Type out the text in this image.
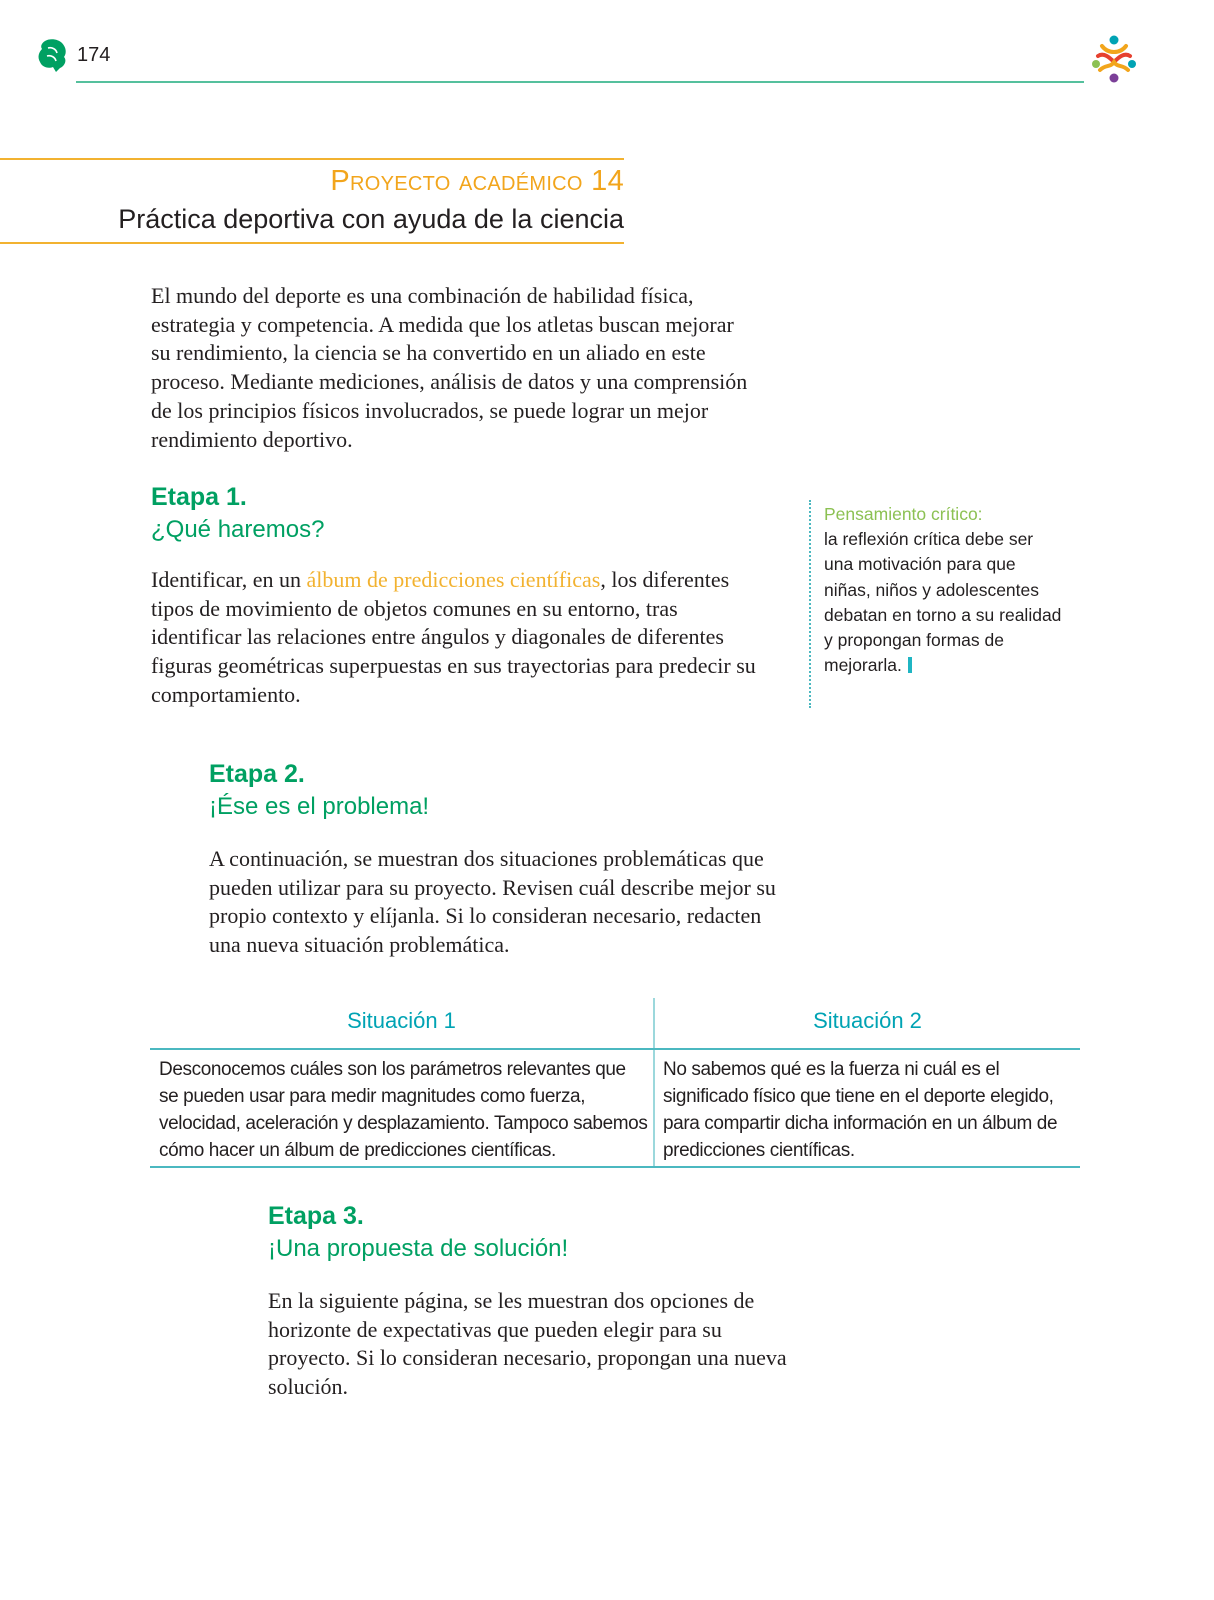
174
Proyecto académico 14
Práctica deportiva con ayuda de la ciencia
El mundo del deporte es una combinación de habilidad física, estrategia y competencia. A medida que los atletas buscan mejorar su rendimiento, la ciencia se ha convertido en un aliado en este proceso. Mediante mediciones, análisis de datos y una comprensión de los principios físicos involucrados, se puede lograr un mejor rendimiento deportivo.
Etapa 1.
¿Qué haremos?
Identificar, en un álbum de predicciones científicas, los diferentes tipos de movimiento de objetos comunes en su entorno, tras identificar las relaciones entre ángulos y diagonales de diferentes figuras geométricas superpuestas en sus trayectorias para predecir su comportamiento.
Pensamiento crítico:
la reflexión crítica debe ser una motivación para que niñas, niños y adolescentes debatan en torno a su realidad y propongan formas de mejorarla.
Etapa 2.
¡Ése es el problema!
A continuación, se muestran dos situaciones problemáticas que pueden utilizar para su proyecto. Revisen cuál describe mejor su propio contexto y elíjanla. Si lo consideran necesario, redacten una nueva situación problemática.
Situación 1	Situación 2
Desconocemos cuáles son los parámetros relevantes que se pueden usar para medir magnitudes como fuerza, velocidad, aceleración y desplazamiento. Tampoco sabemos cómo hacer un álbum de predicciones científicas.
No sabemos qué es la fuerza ni cuál es el significado físico que tiene en el deporte elegido, para compartir dicha información en un álbum de predicciones científicas.
Etapa 3.
¡Una propuesta de solución!
En la siguiente página, se les muestran dos opciones de horizonte de expectativas que pueden elegir para su proyecto. Si lo consideran necesario, propongan una nueva solución.
